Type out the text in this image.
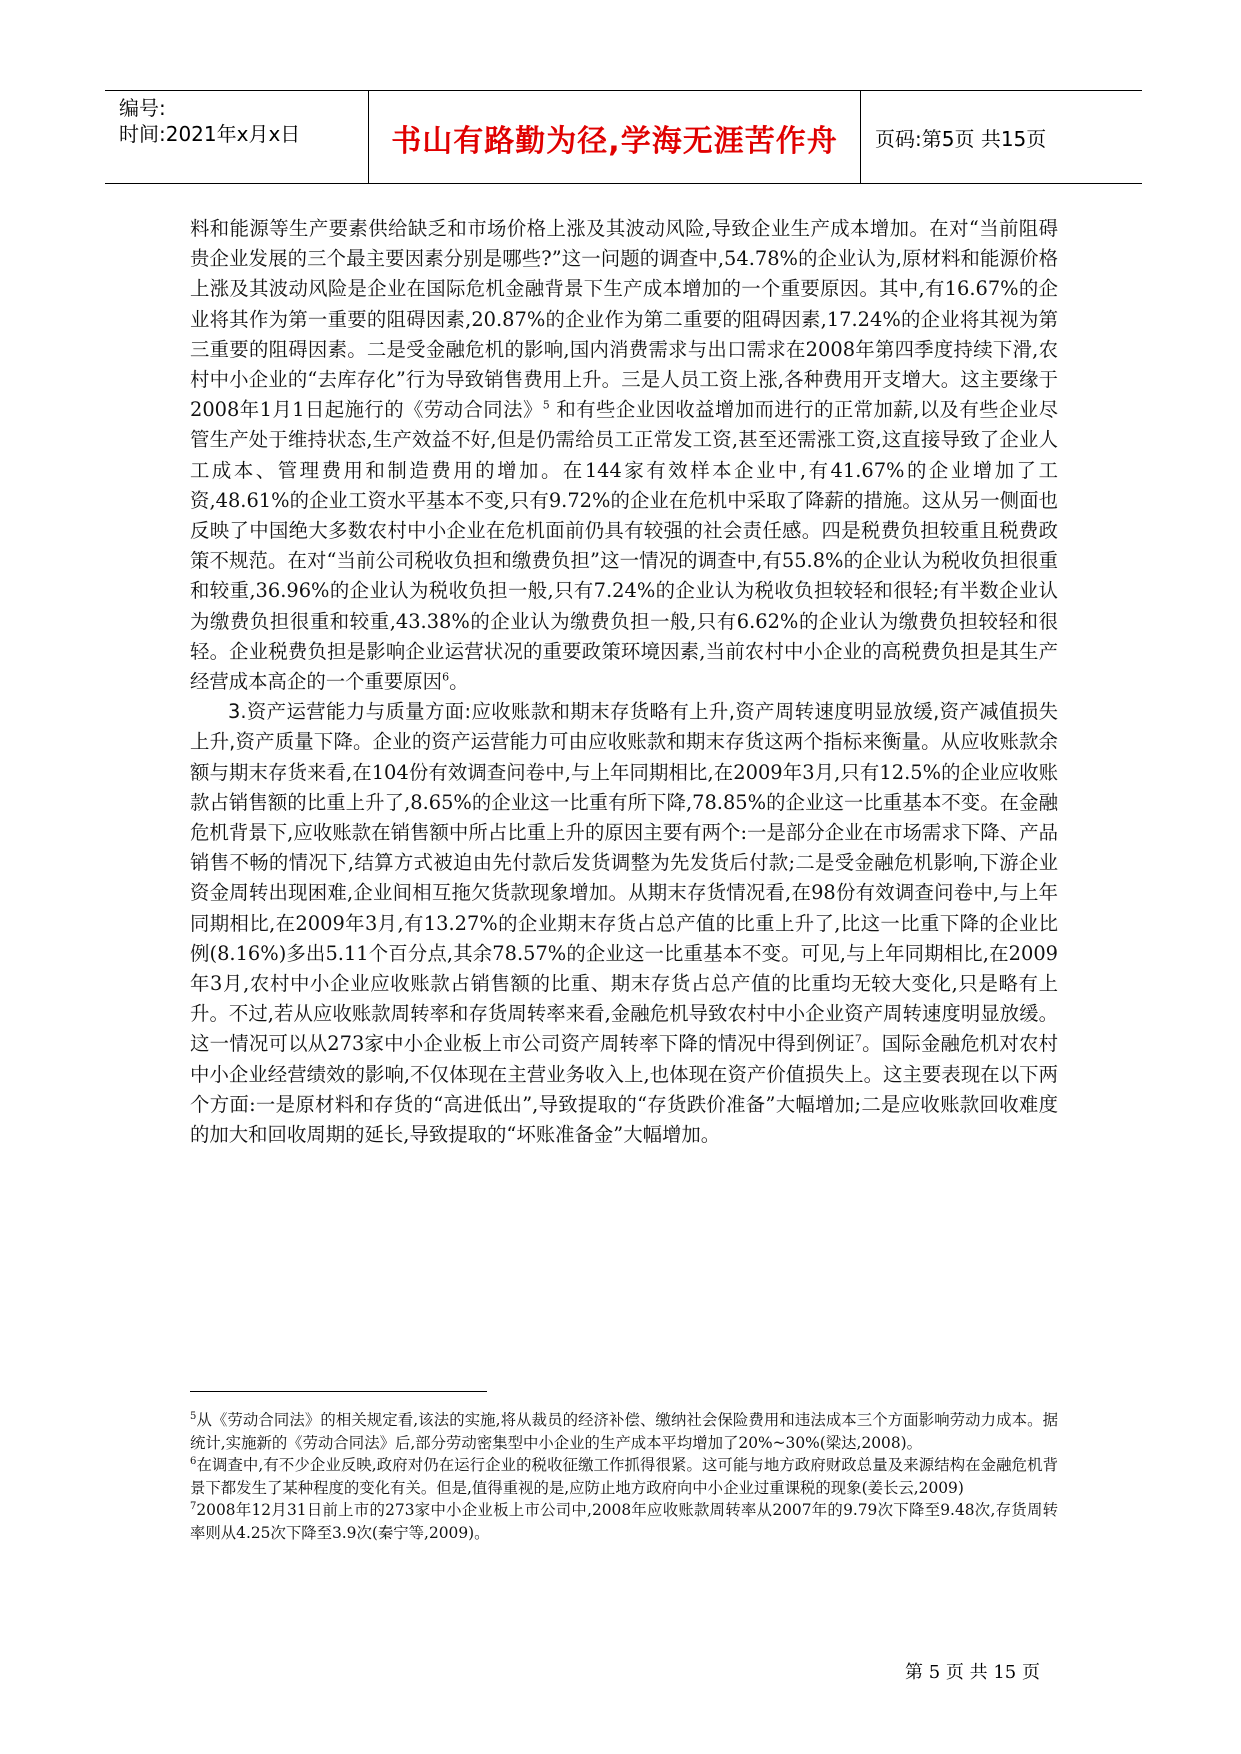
编号:
时间:2021年x月x日	书山有路勤为径,学海无涯苦作舟	页码:第5页 共15页

料和能源等生产要素供给缺乏和市场价格上涨及其波动风险,导致企业生产成本增加。在对“当前阻碍贵企业发展的三个最主要因素分别是哪些?”这一问题的调查中,54.78%的企业认为,原材料和能源价格上涨及其波动风险是企业在国际危机金融背景下生产成本增加的一个重要原因。其中,有16.67%的企业将其作为第一重要的阻碍因素,20.87%的企业作为第二重要的阻碍因素,17.24%的企业将其视为第三重要的阻碍因素。二是受金融危机的影响,国内消费需求与出口需求在2008年第四季度持续下滑,农村中小企业的“去库存化”行为导致销售费用上升。三是人员工资上涨,各种费用开支增大。这主要缘于2008年1月1日起施行的《劳动合同法》$^5$ 和有些企业因收益增加而进行的正常加薪,以及有些企业尽管生产处于维持状态,生产效益不好,但是仍需给员工正常发工资,甚至还需涨工资,这直接导致了企业人工成本、管理费用和制造费用的增加。在144家有效样本企业中,有41.67%的企业增加了工资,48.61%的企业工资水平基本不变,只有9.72%的企业在危机中采取了降薪的措施。这从另一侧面也反映了中国绝大多数农村中小企业在危机面前仍具有较强的社会责任感。四是税费负担较重且税费政策不规范。在对“当前公司税收负担和缴费负担”这一情况的调查中,有55.8%的企业认为税收负担很重和较重,36.96%的企业认为税收负担一般,只有7.24%的企业认为税收负担较轻和很轻;有半数企业认为缴费负担很重和较重,43.38%的企业认为缴费负担一般,只有6.62%的企业认为缴费负担较轻和很轻。企业税费负担是影响企业运营状况的重要政策环境因素,当前农村中小企业的高税费负担是其生产经营成本高企的一个重要原因$^6$。

3.资产运营能力与质量方面:应收账款和期末存货略有上升,资产周转速度明显放缓,资产减值损失上升,资产质量下降。企业的资产运营能力可由应收账款和期末存货这两个指标来衡量。从应收账款余额与期末存货来看,在104份有效调查问卷中,与上年同期相比,在2009年3月,只有12.5%的企业应收账款占销售额的比重上升了,8.65%的企业这一比重有所下降,78.85%的企业这一比重基本不变。在金融危机背景下,应收账款在销售额中所占比重上升的原因主要有两个:一是部分企业在市场需求下降、产品销售不畅的情况下,结算方式被迫由先付款后发货调整为先发货后付款;二是受金融危机影响,下游企业资金周转出现困难,企业间相互拖欠货款现象增加。从期末存货情况看,在98份有效调查问卷中,与上年同期相比,在2009年3月,有13.27%的企业期末存货占总产值的比重上升了,比这一比重下降的企业比例(8.16%)多出5.11个百分点,其余78.57%的企业这一比重基本不变。可见,与上年同期相比,在2009年3月,农村中小企业应收账款占销售额的比重、期末存货占总产值的比重均无较大变化,只是略有上升。不过,若从应收账款周转率和存货周转率来看,金融危机导致农村中小企业资产周转速度明显放缓。这一情况可以从273家中小企业板上市公司资产周转率下降的情况中得到例证$^7$。国际金融危机对农村中小企业经营绩效的影响,不仅体现在主营业务收入上,也体现在资产价值损失上。这主要表现在以下两个方面:一是原材料和存货的“高进低出”,导致提取的“存货跌价准备”大幅增加;二是应收账款回收难度的加大和回收周期的延长,导致提取的“坏账准备金”大幅增加。

$^5$从《劳动合同法》的相关规定看,该法的实施,将从裁员的经济补偿、缴纳社会保险费用和违法成本三个方面影响劳动力成本。据统计,实施新的《劳动合同法》后,部分劳动密集型中小企业的生产成本平均增加了20%~30%(梁达,2008)。

$^6$在调查中,有不少企业反映,政府对仍在运行企业的税收征缴工作抓得很紧。这可能与地方政府财政总量及来源结构在金融危机背景下都发生了某种程度的变化有关。但是,值得重视的是,应防止地方政府向中小企业过重课税的现象(姜长云,2009)

$^7$2008年12月31日前上市的273家中小企业板上市公司中,2008年应收账款周转率从2007年的9.79次下降至9.48次,存货周转率则从4.25次下降至3.9次(秦宁等,2009)。

第 5 页 共 15 页
